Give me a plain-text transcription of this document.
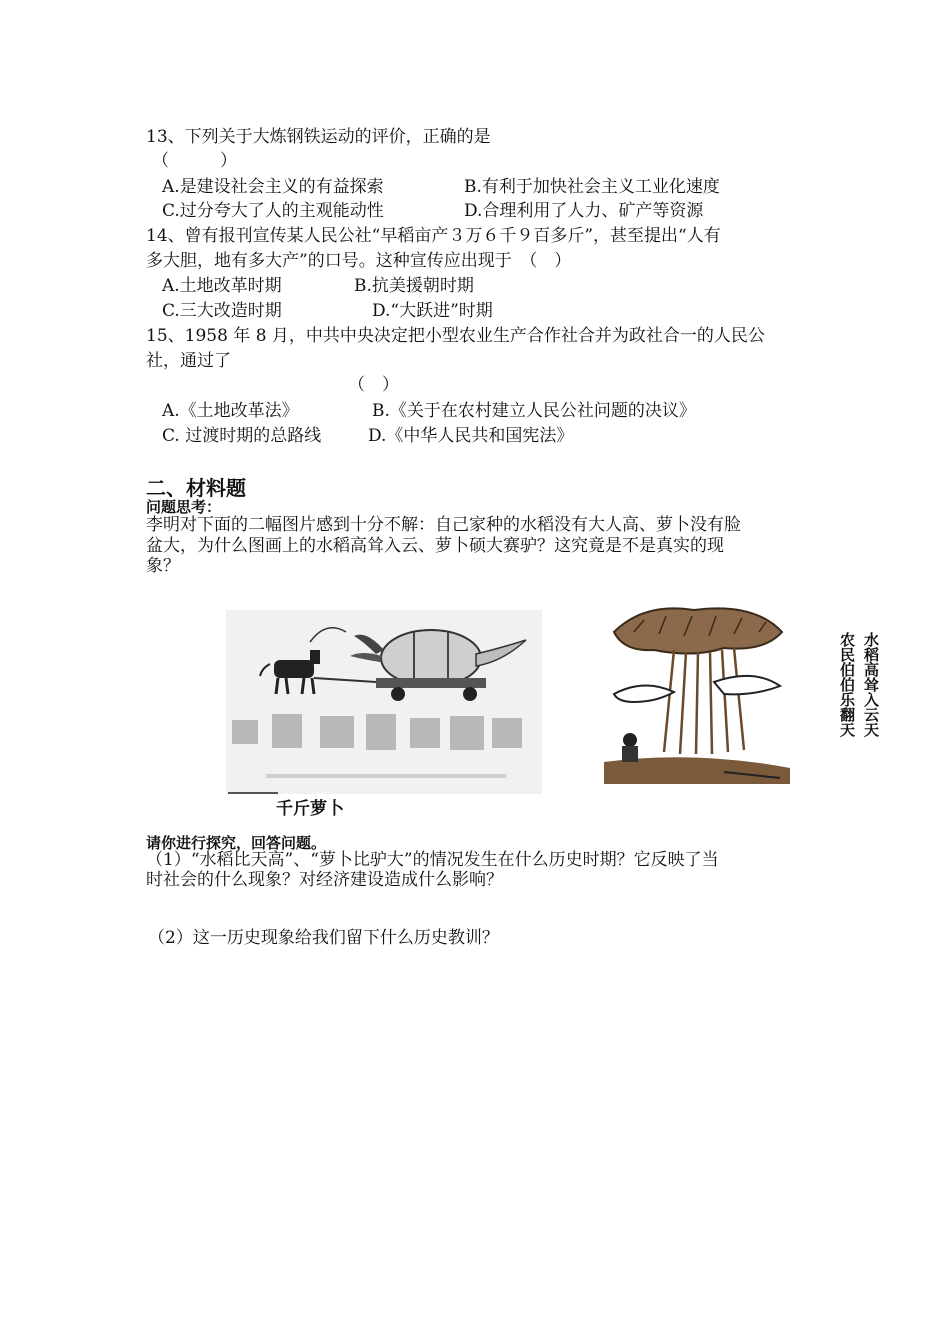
13、下列关于大炼钢铁运动的评价，正确的是
（　　　）
A.是建设社会主义的有益探索	B.有利于加快社会主义工业化速度
C.过分夸大了人的主观能动性	D.合理利用了人力、矿产等资源
14、曾有报刊宣传某人民公社“早稻亩产３万６千９百多斤”，甚至提出“人有
多大胆，地有多大产”的口号。这种宣传应出现于　（　）
A.土地改革时期	B.抗美援朝时期
C.三大改造时期	D.“大跃进”时期
15、1958 年 8 月，中共中央决定把小型农业生产合作社合并为政社合一的人民公
社，通过了
（　）
A.《土地改革法》	B.《关于在农村建立人民公社问题的决议》
C. 过渡时期的总路线	D.《中华人民共和国宪法》
二、材料题
问题思考：
李明对下面的二幅图片感到十分不解：自己家种的水稻没有大人高、萝卜没有脸
盆大，为什么图画上的水稻高耸入云、萝卜硕大赛驴？这究竟是不是真实的现
象？
千斤萝卜
水稻高耸入云天
农民伯伯乐翻天
请你进行探究，回答问题。
（1）“水稻比天高”、“萝卜比驴大”的情况发生在什么历史时期？它反映了当
时社会的什么现象？对经济建设造成什么影响？
（2）这一历史现象给我们留下什么历史教训？
